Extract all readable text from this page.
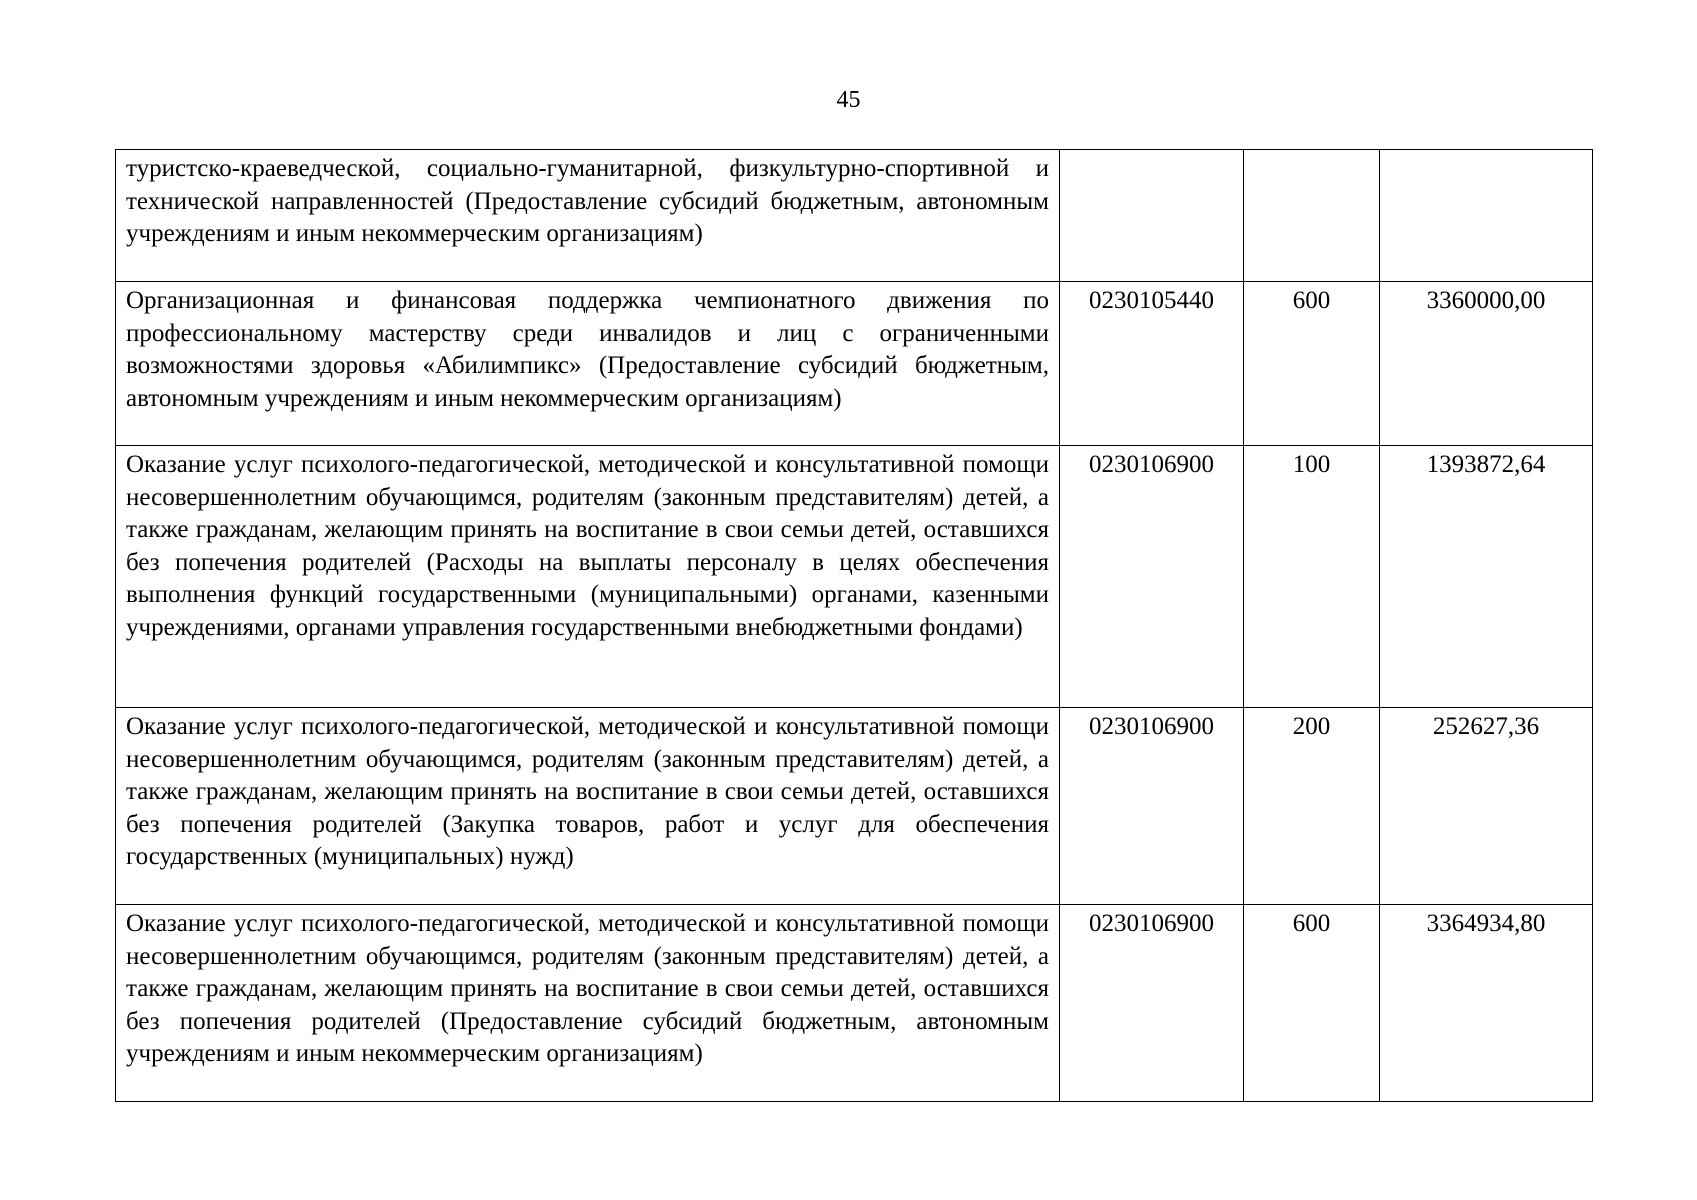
45
туристско-краеведческой, социально-гуманитарной, физкультурно-спортивной и технической направленностей (Предоставление субсидий бюджетным, автономным учреждениям и иным некоммерческим организациям)			
Организационная и финансовая поддержка чемпионатного движения по профессиональному мастерству среди инвалидов и лиц с ограниченными возможностями здоровья «Абилимпикс» (Предоставление субсидий бюджетным, автономным учреждениям и иным некоммерческим организациям)	0230105440	600	3360000,00
Оказание услуг психолого-педагогической, методической и консультативной помощи несовершеннолетним обучающимся, родителям (законным представителям) детей, а также гражданам, желающим принять на воспитание в свои семьи детей, оставшихся без попечения родителей (Расходы на выплаты персоналу в целях обеспечения выполнения функций государственными (муниципальными) органами, казенными учреждениями, органами управления государственными внебюджетными фондами)	0230106900	100	1393872,64
Оказание услуг психолого-педагогической, методической и консультативной помощи несовершеннолетним обучающимся, родителям (законным представителям) детей, а также гражданам, желающим принять на воспитание в свои семьи детей, оставшихся без попечения родителей (Закупка товаров, работ и услуг для обеспечения государственных (муниципальных) нужд)	0230106900	200	252627,36
Оказание услуг психолого-педагогической, методической и консультативной помощи несовершеннолетним обучающимся, родителям (законным представителям) детей, а также гражданам, желающим принять на воспитание в свои семьи детей, оставшихся без попечения родителей (Предоставление субсидий бюджетным, автономным учреждениям и иным некоммерческим организациям)	0230106900	600	3364934,80
